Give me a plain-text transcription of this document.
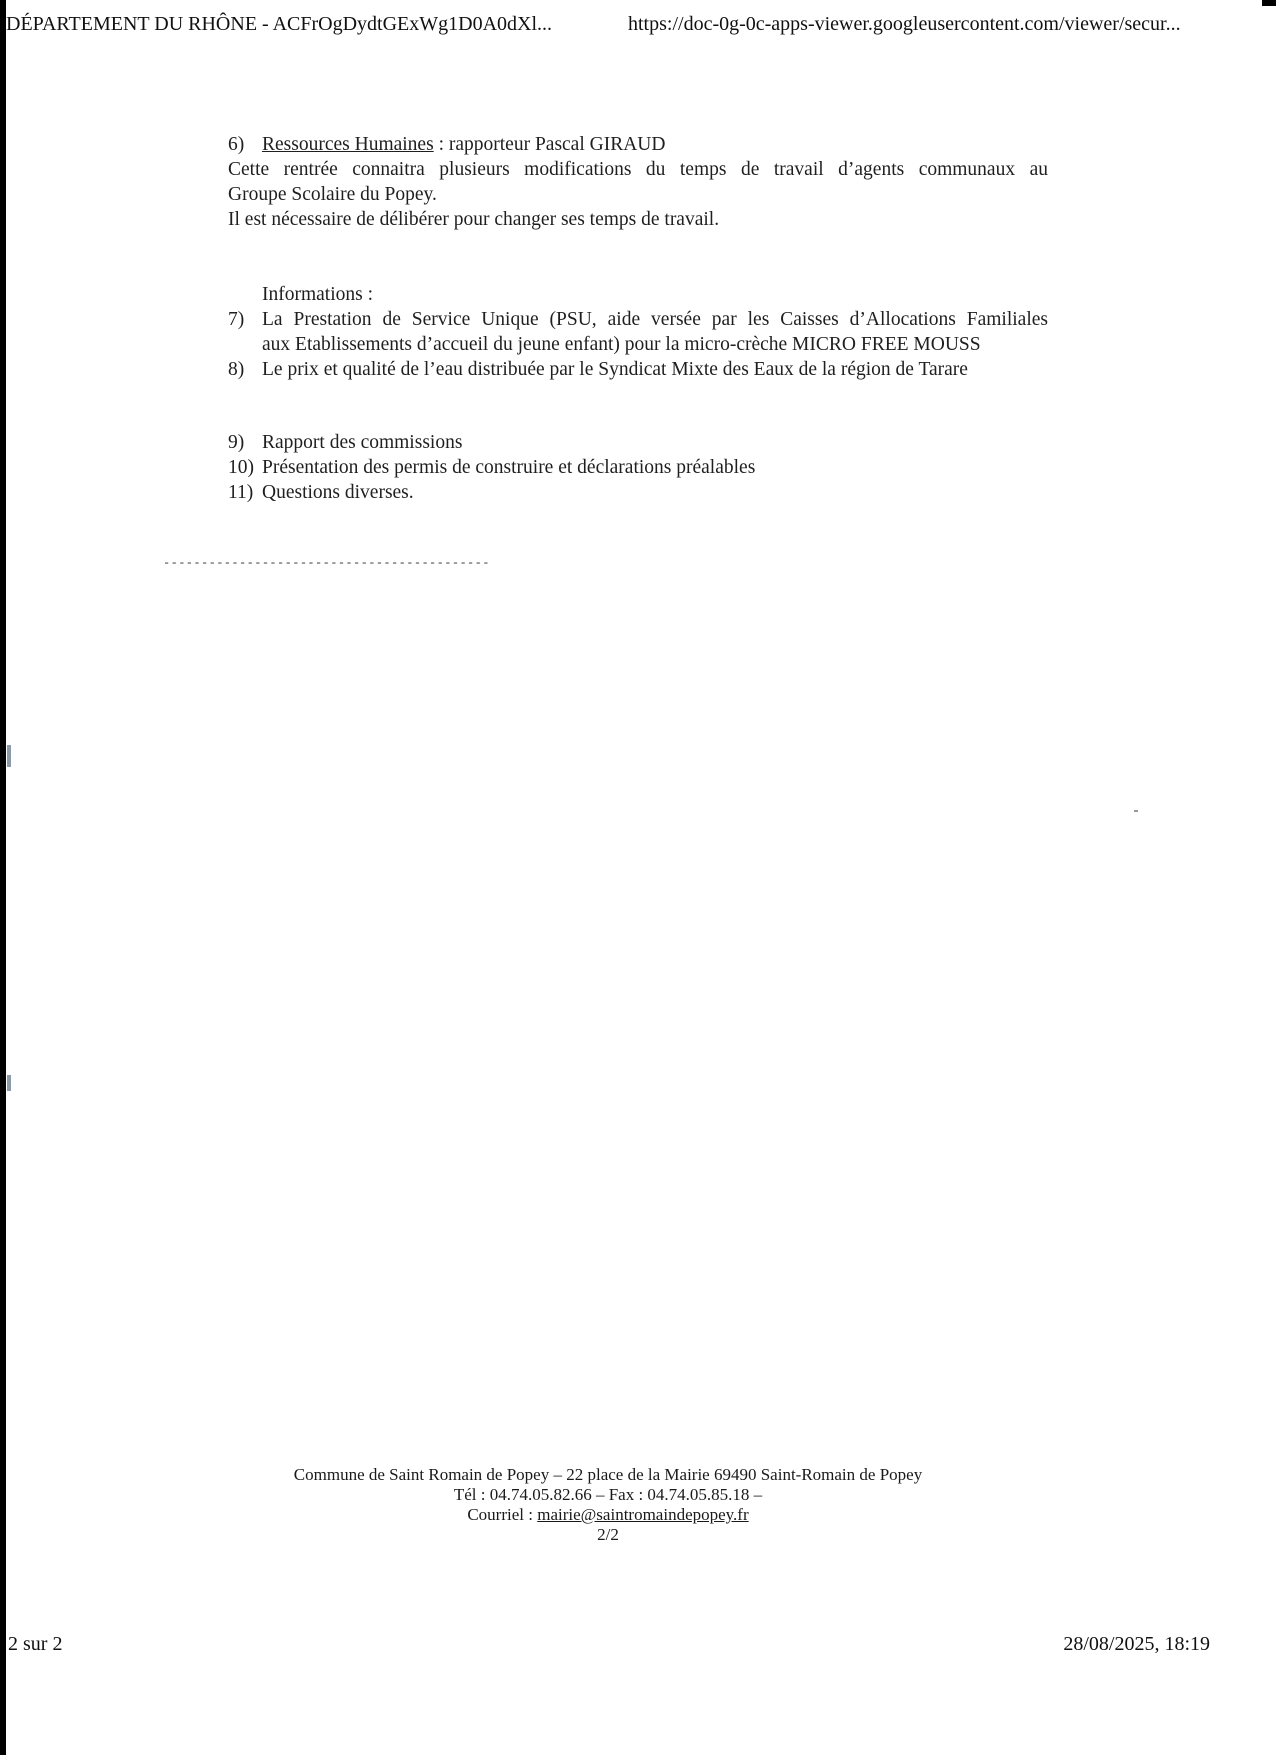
DÉPARTEMENT DU RHÔNE - ACFrOgDydtGExWg1D0A0dXl...	https://doc-0g-0c-apps-viewer.googleusercontent.com/viewer/secur...
6) Ressources Humaines : rapporteur Pascal GIRAUD
Cette rentrée connaitra plusieurs modifications du temps de travail d’agents communaux au
Groupe Scolaire du Popey.
Il est nécessaire de délibérer pour changer ses temps de travail.
Informations :
7) La Prestation de Service Unique (PSU, aide versée par les Caisses d’Allocations Familiales
aux Etablissements d’accueil du jeune enfant) pour la micro-crèche MICRO FREE MOUSS
8) Le prix et qualité de l’eau distribuée par le Syndicat Mixte des Eaux de la région de Tarare
9) Rapport des commissions
10) Présentation des permis de construire et déclarations préalables
11) Questions diverses.
-------------------------------------------
Commune de Saint Romain de Popey – 22 place de la Mairie 69490 Saint-Romain de Popey
Tél : 04.74.05.82.66 – Fax : 04.74.05.85.18 –
Courriel : mairie@saintromaindepopey.fr
2/2
2 sur 2	28/08/2025, 18:19
